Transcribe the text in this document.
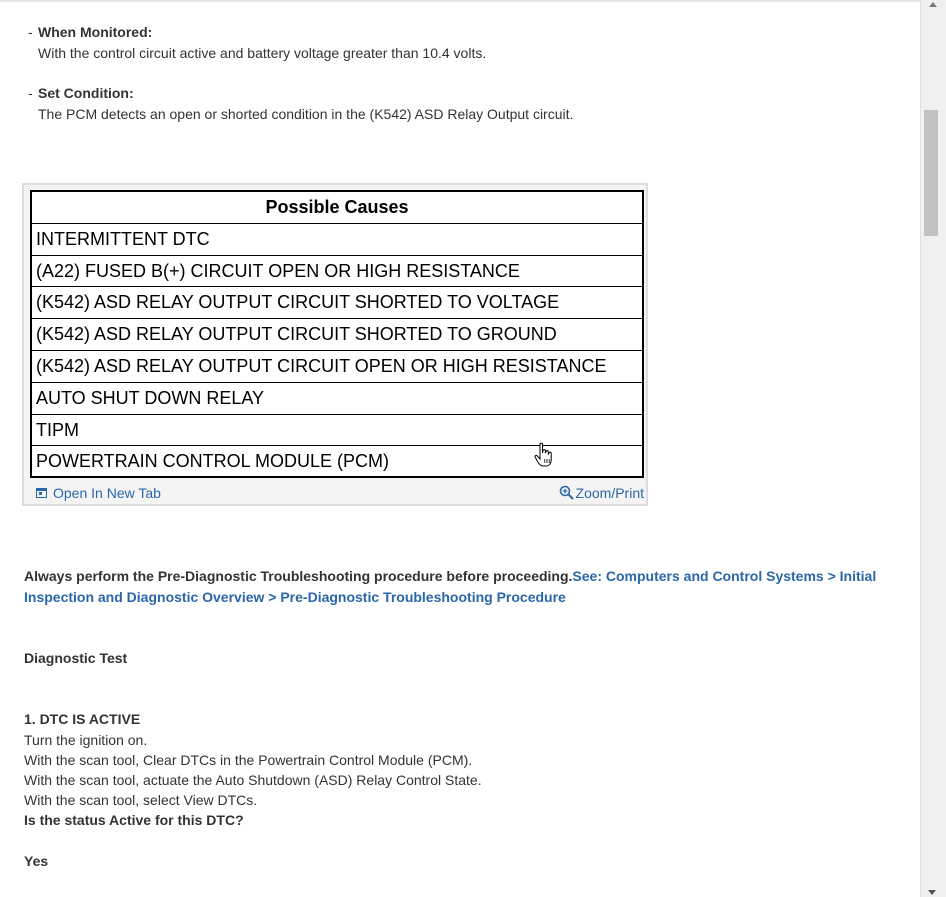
- When Monitored:
With the control circuit active and battery voltage greater than 10.4 volts.
- Set Condition:
The PCM detects an open or shorted condition in the (K542) ASD Relay Output circuit.
Possible Causes
INTERMITTENT DTC
(A22) FUSED B(+) CIRCUIT OPEN OR HIGH RESISTANCE
(K542) ASD RELAY OUTPUT CIRCUIT SHORTED TO VOLTAGE
(K542) ASD RELAY OUTPUT CIRCUIT SHORTED TO GROUND
(K542) ASD RELAY OUTPUT CIRCUIT OPEN OR HIGH RESISTANCE
AUTO SHUT DOWN RELAY
TIPM
POWERTRAIN CONTROL MODULE (PCM)
Open In New Tab	Zoom/Print
Always perform the Pre-Diagnostic Troubleshooting procedure before proceeding.See: Computers and Control Systems > Initial Inspection and Diagnostic Overview > Pre-Diagnostic Troubleshooting Procedure
Diagnostic Test
1. DTC IS ACTIVE
Turn the ignition on.
With the scan tool, Clear DTCs in the Powertrain Control Module (PCM).
With the scan tool, actuate the Auto Shutdown (ASD) Relay Control State.
With the scan tool, select View DTCs.
Is the status Active for this DTC?
Yes
